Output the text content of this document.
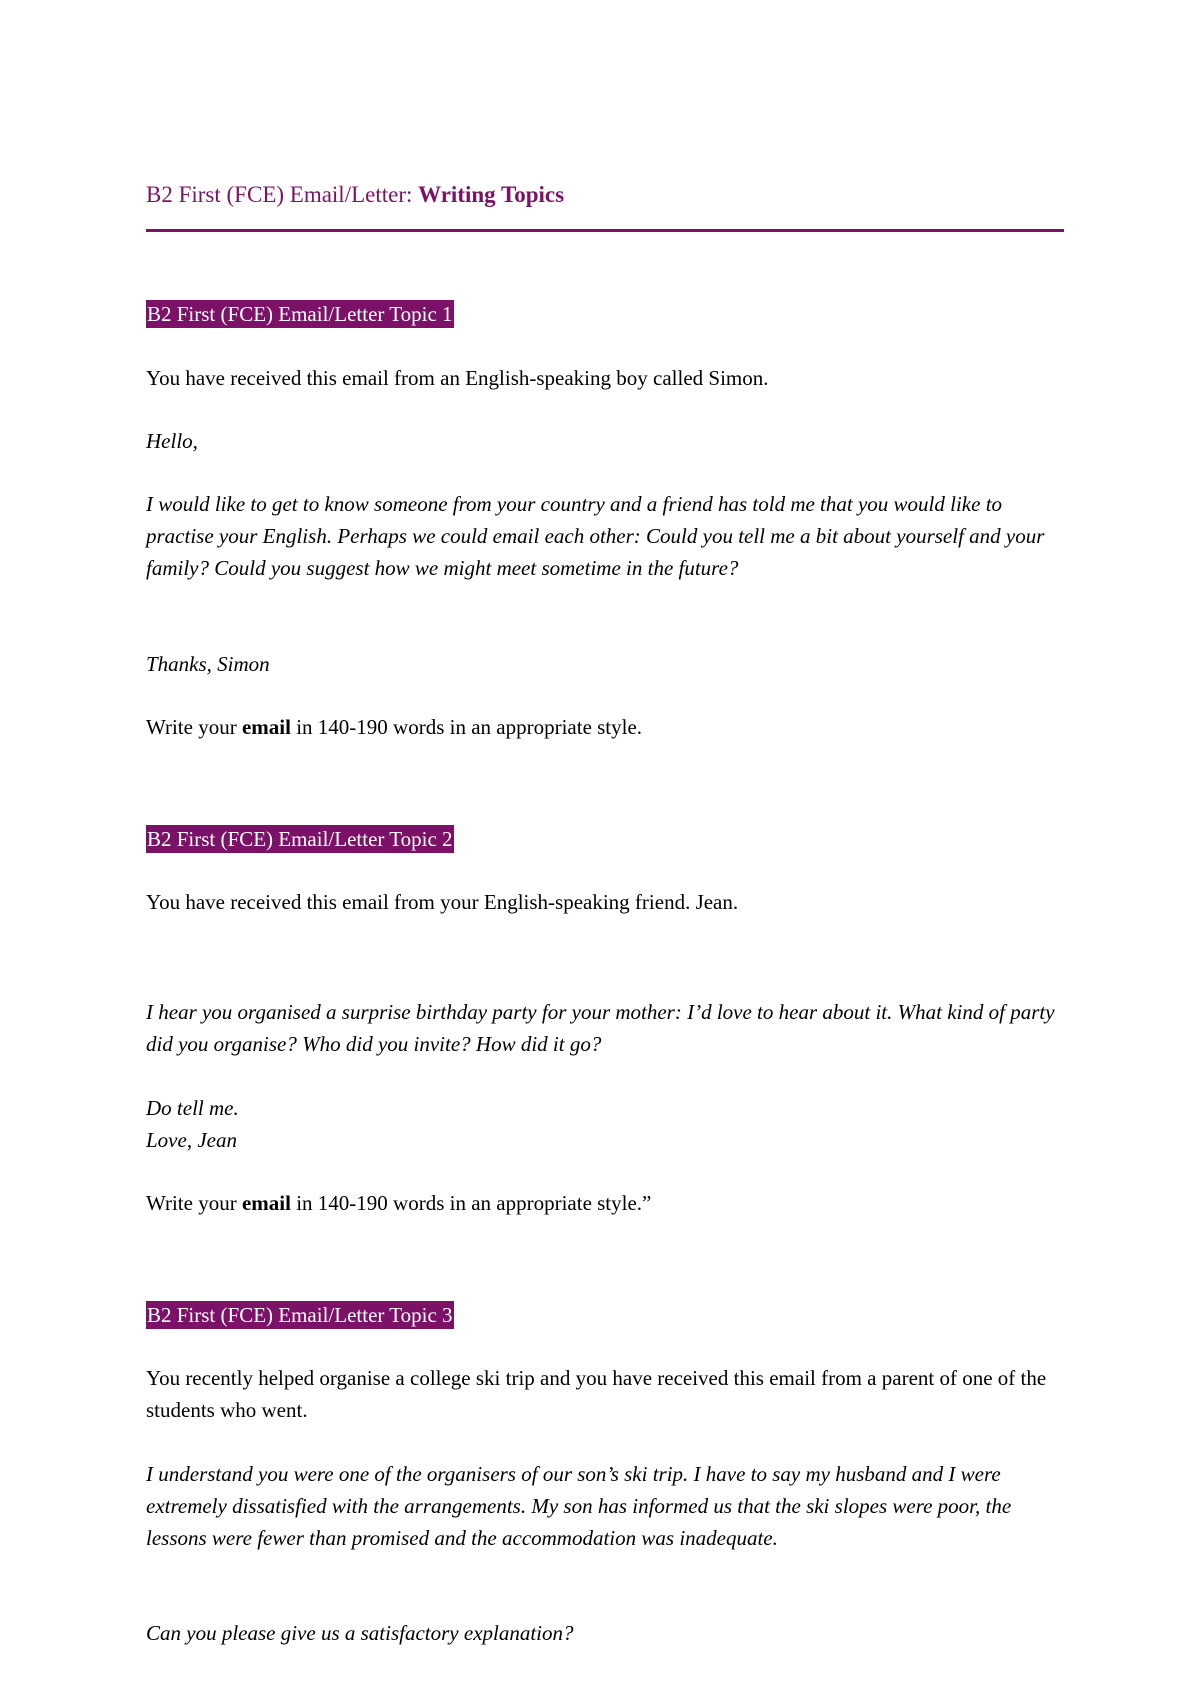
B2 First (FCE) Email/Letter: Writing Topics
B2 First (FCE) Email/Letter Topic 1
You have received this email from an English-speaking boy called Simon.
Hello,
I would like to get to know someone from your country and a friend has told me that you would like to practise your English. Perhaps we could email each other: Could you tell me a bit about yourself and your family? Could you suggest how we might meet sometime in the future?
Thanks, Simon
Write your email in 140-190 words in an appropriate style.
B2 First (FCE) Email/Letter Topic 2
You have received this email from your English-speaking friend. Jean.
I hear you organised a surprise birthday party for your mother: I’d love to hear about it. What kind of party did you organise? Who did you invite? How did it go?
Do tell me.
Love, Jean
Write your email in 140-190 words in an appropriate style.”
B2 First (FCE) Email/Letter Topic 3
You recently helped organise a college ski trip and you have received this email from a parent of one of the students who went.
I understand you were one of the organisers of our son’s ski trip. I have to say my husband and I were extremely dissatisfied with the arrangements. My son has informed us that the ski slopes were poor, the lessons were fewer than promised and the accommodation was inadequate.
Can you please give us a satisfactory explanation?
